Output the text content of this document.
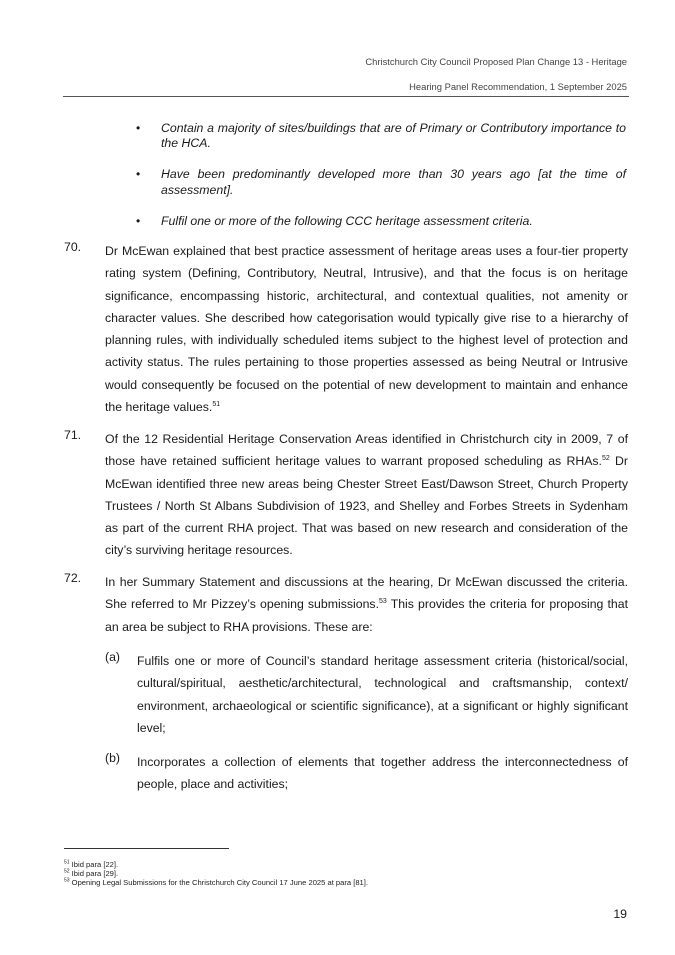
Christchurch City Council Proposed Plan Change 13 - Heritage
Hearing Panel Recommendation, 1 September 2025
• Contain a majority of sites/buildings that are of Primary or Contributory importance to the HCA.
• Have been predominantly developed more than 30 years ago [at the time of assessment].
• Fulfil one or more of the following CCC heritage assessment criteria.
70. Dr McEwan explained that best practice assessment of heritage areas uses a four-tier property rating system (Defining, Contributory, Neutral, Intrusive), and that the focus is on heritage significance, encompassing historic, architectural, and contextual qualities, not amenity or character values. She described how categorisation would typically give rise to a hierarchy of planning rules, with individually scheduled items subject to the highest level of protection and activity status. The rules pertaining to those properties assessed as being Neutral or Intrusive would consequently be focused on the potential of new development to maintain and enhance the heritage values.$^{51}$
71. Of the 12 Residential Heritage Conservation Areas identified in Christchurch city in 2009, 7 of those have retained sufficient heritage values to warrant proposed scheduling as RHAs.$^{52}$ Dr McEwan identified three new areas being Chester Street East/Dawson Street, Church Property Trustees / North St Albans Subdivision of 1923, and Shelley and Forbes Streets in Sydenham as part of the current RHA project. That was based on new research and consideration of the city’s surviving heritage resources.
72. In her Summary Statement and discussions at the hearing, Dr McEwan discussed the criteria. She referred to Mr Pizzey’s opening submissions.$^{53}$ This provides the criteria for proposing that an area be subject to RHA provisions. These are:
(a) Fulfils one or more of Council’s standard heritage assessment criteria (historical/social, cultural/spiritual, aesthetic/architectural, technological and craftsmanship, context/ environment, archaeological or scientific significance), at a significant or highly significant level;
(b) Incorporates a collection of elements that together address the interconnectedness of people, place and activities;
$^{51}$ Ibid para [22].
$^{52}$ Ibid para [29].
$^{53}$ Opening Legal Submissions for the Christchurch City Council 17 June 2025 at para [81].
19
